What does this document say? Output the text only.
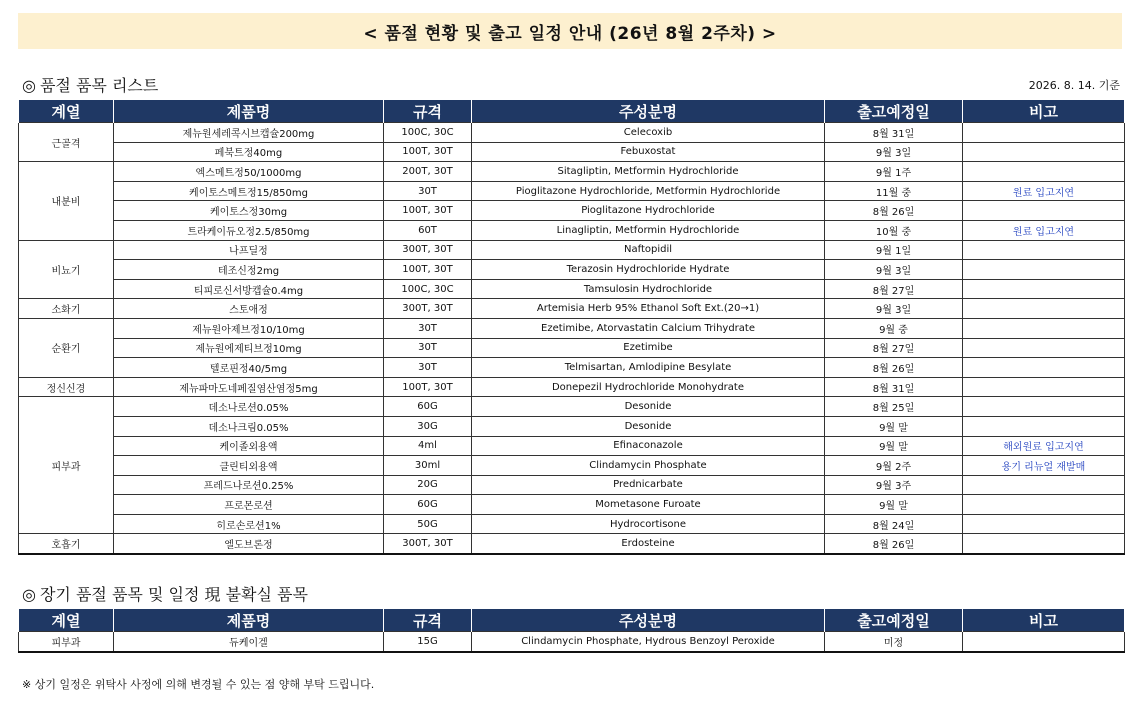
< 품절 현황 및 출고 일정 안내 (26년 8월 2주차) >
◎ 품절 품목 리스트	2026. 8. 14. 기준
계열	제품명	규격	주성분명	출고예정일	비고
근골격	제뉴원세레콕시브캡슐200mg	100C, 30C	Celecoxib	8월 31일	
	페북트정40mg	100T, 30T	Febuxostat	9월 3일	
내분비	엑스메트정50/1000mg	200T, 30T	Sitagliptin, Metformin Hydrochloride	9월 1주	
	케이토스메트정15/850mg	30T	Pioglitazone Hydrochloride, Metformin Hydrochloride	11월 중	원료 입고지연
	케이토스정30mg	100T, 30T	Pioglitazone Hydrochloride	8월 26일	
	트라케이듀오정2.5/850mg	60T	Linagliptin, Metformin Hydrochloride	10월 중	원료 입고지연
비뇨기	나프딜정	300T, 30T	Naftopidil	9월 1일	
	테조신정2mg	100T, 30T	Terazosin Hydrochloride Hydrate	9월 3일	
	티피로신서방캡슐0.4mg	100C, 30C	Tamsulosin Hydrochloride	8월 27일	
소화기	스토애정	300T, 30T	Artemisia Herb 95% Ethanol Soft Ext.(20→1)	9월 3일	
순환기	제뉴원아제브정10/10mg	30T	Ezetimibe, Atorvastatin Calcium Trihydrate	9월 중	
	제뉴원에제티브정10mg	30T	Ezetimibe	8월 27일	
	텔로핀정40/5mg	30T	Telmisartan, Amlodipine Besylate	8월 26일	
정신신경	제뉴파마도네페질염산염정5mg	100T, 30T	Donepezil Hydrochloride Monohydrate	8월 31일	
피부과	데소나로션0.05%	60G	Desonide	8월 25일	
	데소나크림0.05%	30G	Desonide	9월 말	
	케이졸외용액	4ml	Efinaconazole	9월 말	해외원료 입고지연
	클린티외용액	30ml	Clindamycin Phosphate	9월 2주	용기 리뉴얼 재발매
	프레드나로션0.25%	20G	Prednicarbate	9월 3주	
	프로몬로션	60G	Mometasone Furoate	9월 말	
	히로손로션1%	50G	Hydrocortisone	8월 24일	
호흡기	엘도브론정	300T, 30T	Erdosteine	8월 26일	
◎ 장기 품절 품목 및 일정 現 불확실 품목
계열	제품명	규격	주성분명	출고예정일	비고
피부과	듀케이겔	15G	Clindamycin Phosphate, Hydrous Benzoyl Peroxide	미정	
※ 상기 일정은 위탁사 사정에 의해 변경될 수 있는 점 양해 부탁 드립니다.
